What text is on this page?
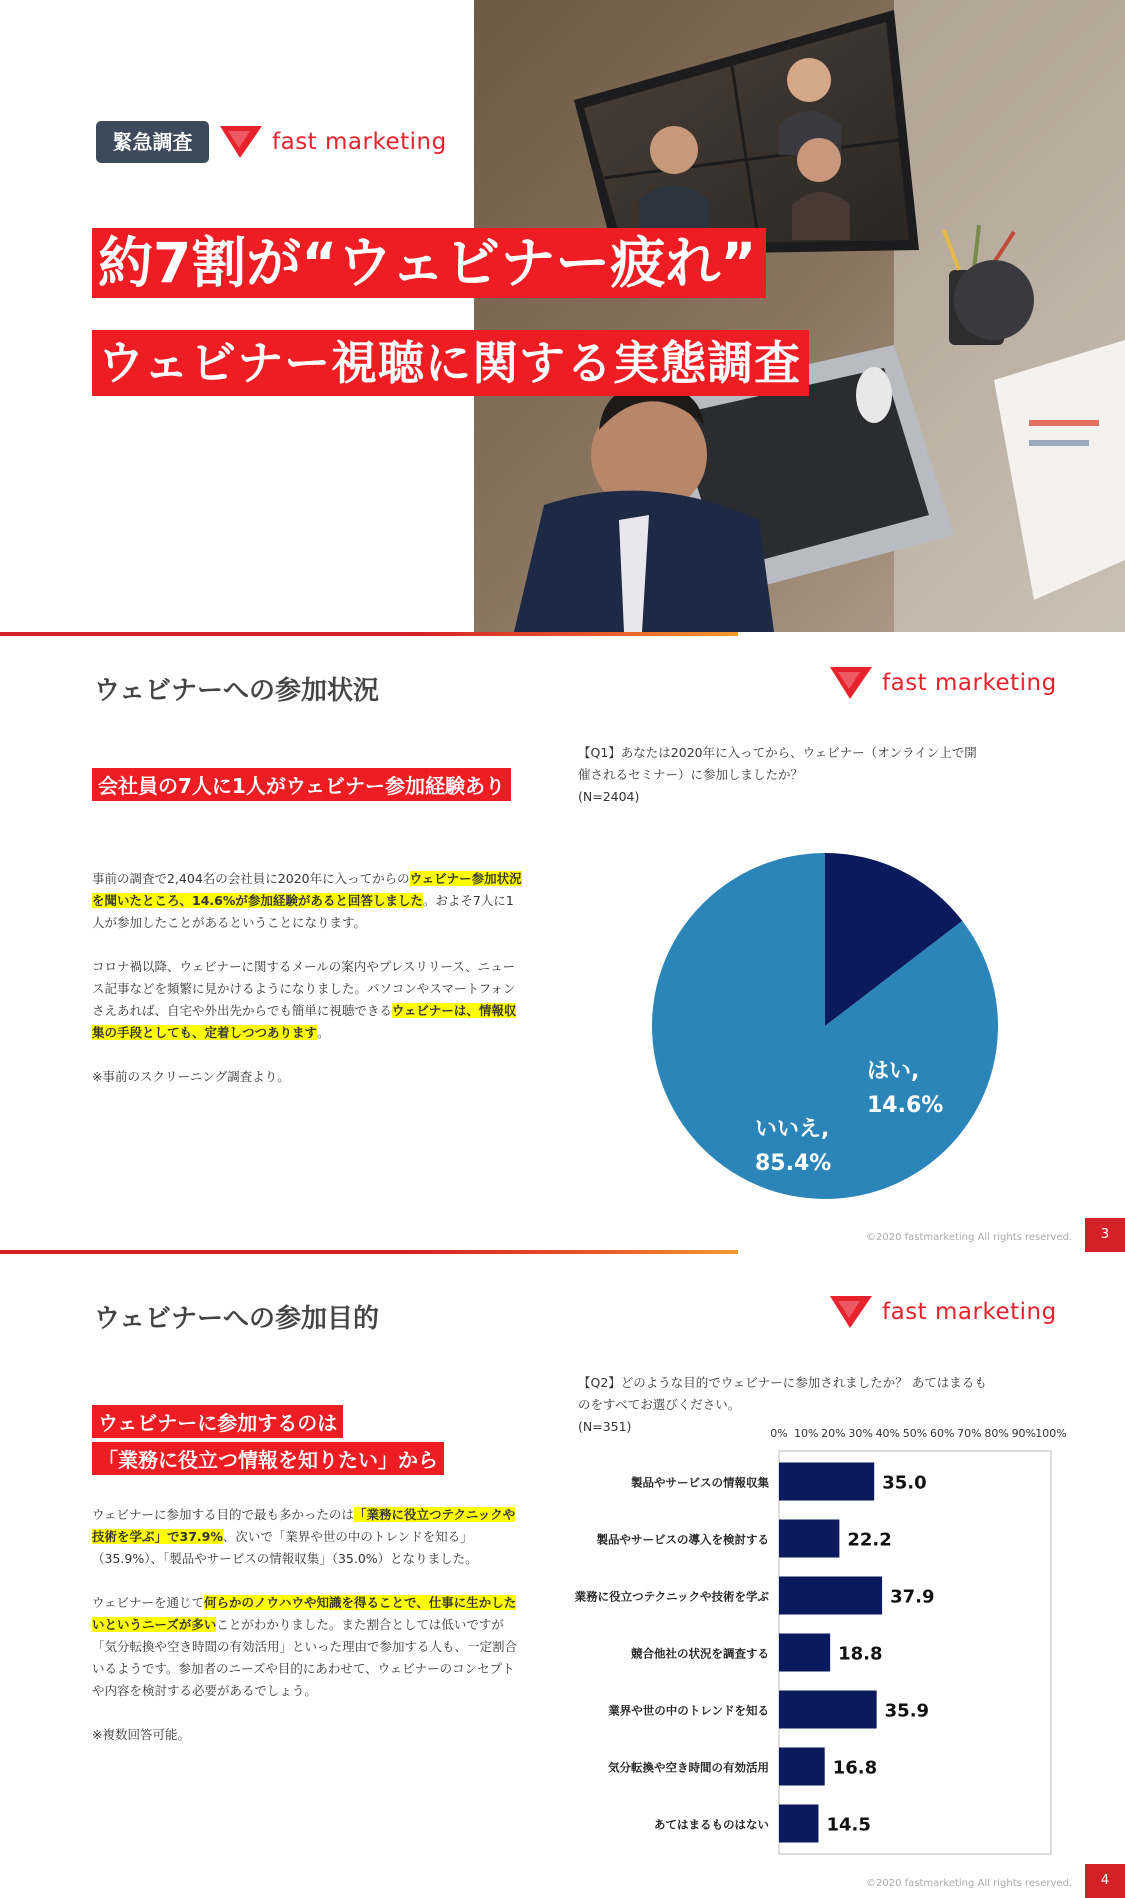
緊急調査	fast marketing
約7割が“ウェビナー疲れ”
ウェビナー視聴に関する実態調査
ウェビナーへの参加状況	fast marketing
会社員の7人に1人がウェビナー参加経験あり

事前の調査で2,404名の会社員に2020年に入ってからのウェビナー参加状況を聞いたところ、14.6%が参加経験があると回答しました。およそ7人に1人が参加したことがあるということになります。

コロナ禍以降、ウェビナーに関するメールの案内やプレスリリース、ニュース記事などを頻繁に見かけるようになりました。パソコンやスマートフォンさえあれば、自宅や外出先からでも簡単に視聴できるウェビナーは、情報収集の手段としても、定着しつつあります。

※事前のスクリーニング調査より。

【Q1】あなたは2020年に入ってから、ウェビナー（オンライン上で開催されるセミナー）に参加しましたか？
(N=2404)
はい, 14.6%
いいえ, 85.4%
©2020 fastmarketing All rights reserved.	3
ウェビナーへの参加目的	fast marketing
ウェビナーに参加するのは
「業務に役立つ情報を知りたい」から

ウェビナーに参加する目的で最も多かったのは「業務に役立つテクニックや技術を学ぶ」で37.9%、次いで「業界や世の中のトレンドを知る」（35.9%）、「製品やサービスの情報収集」（35.0%）となりました。

ウェビナーを通じて何らかのノウハウや知識を得ることで、仕事に生かしたいというニーズが多いことがわかりました。また割合としては低いですが「気分転換や空き時間の有効活用」といった理由で参加する人も、一定割合いるようです。参加者のニーズや目的にあわせて、ウェビナーのコンセプトや内容を検討する必要があるでしょう。

※複数回答可能。

【Q2】どのような目的でウェビナーに参加されましたか？ あてはまるものをすべてお選びください。
(N=351)	0% 10% 20% 30% 40% 50% 60% 70% 80% 90% 100%
製品やサービスの情報収集	35.0
製品やサービスの導入を検討する	22.2
業務に役立つテクニックや技術を学ぶ	37.9
競合他社の状況を調査する	18.8
業界や世の中のトレンドを知る	35.9
気分転換や空き時間の有効活用	16.8
あてはまるものはない	14.5
©2020 fastmarketing All rights reserved.	4
